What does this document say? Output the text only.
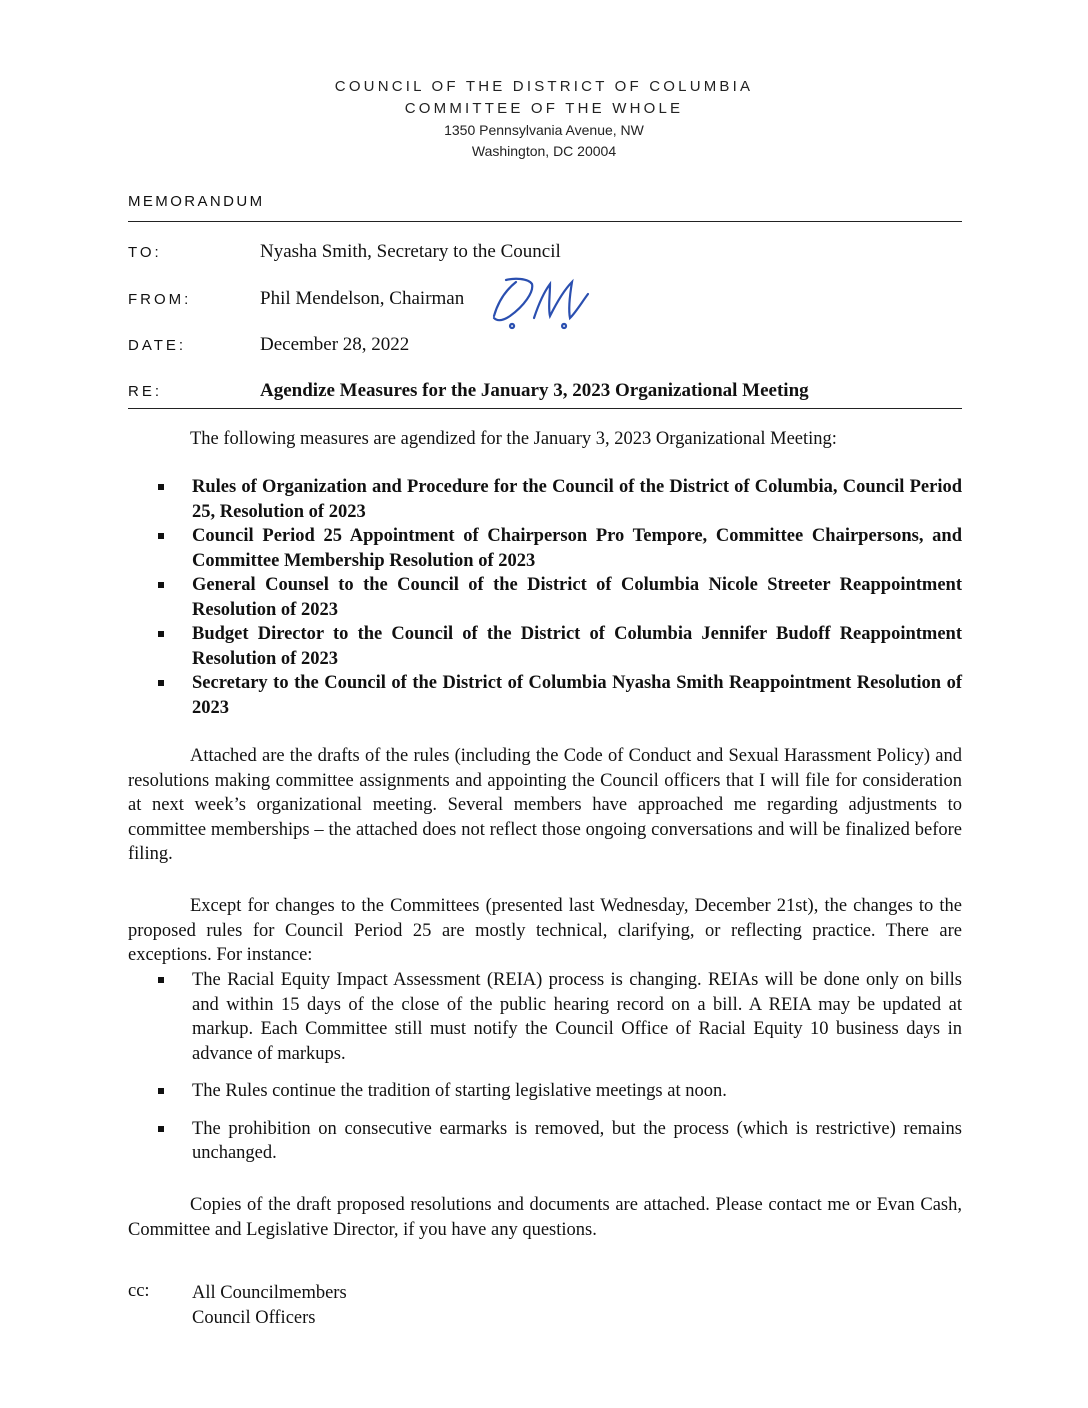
COUNCIL OF THE DISTRICT OF COLUMBIA
COMMITTEE OF THE WHOLE
1350 Pennsylvania Avenue, NW
Washington, DC 20004
MEMORANDUM
TO:	Nyasha Smith, Secretary to the Council
FROM:	Phil Mendelson, Chairman
DATE:	December 28, 2022
RE:	Agendize Measures for the January 3, 2023 Organizational Meeting
The following measures are agendized for the January 3, 2023 Organizational Meeting:
Rules of Organization and Procedure for the Council of the District of Columbia, Council Period 25, Resolution of 2023
Council Period 25 Appointment of Chairperson Pro Tempore, Committee Chairpersons, and Committee Membership Resolution of 2023
General Counsel to the Council of the District of Columbia Nicole Streeter Reappointment Resolution of 2023
Budget Director to the Council of the District of Columbia Jennifer Budoff Reappointment Resolution of 2023
Secretary to the Council of the District of Columbia Nyasha Smith Reappointment Resolution of 2023
Attached are the drafts of the rules (including the Code of Conduct and Sexual Harassment Policy) and resolutions making committee assignments and appointing the Council officers that I will file for consideration at next week’s organizational meeting. Several members have approached me regarding adjustments to committee memberships – the attached does not reflect those ongoing conversations and will be finalized before filing.
Except for changes to the Committees (presented last Wednesday, December 21st), the changes to the proposed rules for Council Period 25 are mostly technical, clarifying, or reflecting practice. There are exceptions. For instance:
The Racial Equity Impact Assessment (REIA) process is changing. REIAs will be done only on bills and within 15 days of the close of the public hearing record on a bill. A REIA may be updated at markup. Each Committee still must notify the Council Office of Racial Equity 10 business days in advance of markups.
The Rules continue the tradition of starting legislative meetings at noon.
The prohibition on consecutive earmarks is removed, but the process (which is restrictive) remains unchanged.
Copies of the draft proposed resolutions and documents are attached. Please contact me or Evan Cash, Committee and Legislative Director, if you have any questions.
cc: All Councilmembers
Council Officers
